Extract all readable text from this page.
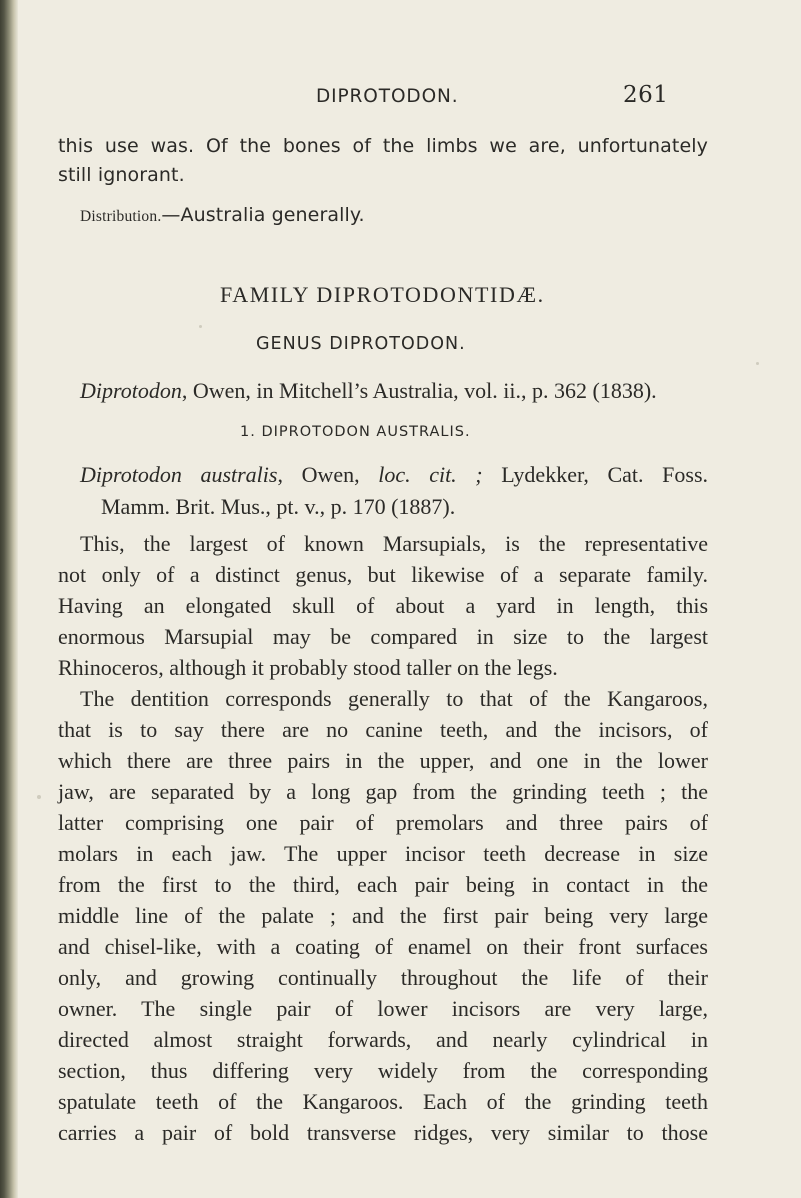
DIPROTODON.	261
this use was. Of the bones of the limbs we are, unfortunately
still ignorant.
Distribution.—Australia generally.
FAMILY DIPROTODONTIDÆ.
GENUS DIPROTODON.
Diprotodon, Owen, in Mitchell’s Australia, vol. ii., p. 362 (1838).
1. DIPROTODON AUSTRALIS.
Diprotodon australis, Owen, loc. cit. ; Lydekker, Cat. Foss.
Mamm. Brit. Mus., pt. v., p. 170 (1887).
This, the largest of known Marsupials, is the representative
not only of a distinct genus, but likewise of a separate family.
Having an elongated skull of about a yard in length, this
enormous Marsupial may be compared in size to the largest
Rhinoceros, although it probably stood taller on the legs.
The dentition corresponds generally to that of the Kangaroos,
that is to say there are no canine teeth, and the incisors, of
which there are three pairs in the upper, and one in the lower
jaw, are separated by a long gap from the grinding teeth ; the
latter comprising one pair of premolars and three pairs of
molars in each jaw. The upper incisor teeth decrease in size
from the first to the third, each pair being in contact in the
middle line of the palate ; and the first pair being very large
and chisel-like, with a coating of enamel on their front surfaces
only, and growing continually throughout the life of their
owner. The single pair of lower incisors are very large,
directed almost straight forwards, and nearly cylindrical in
section, thus differing very widely from the corresponding
spatulate teeth of the Kangaroos. Each of the grinding teeth
carries a pair of bold transverse ridges, very similar to those
